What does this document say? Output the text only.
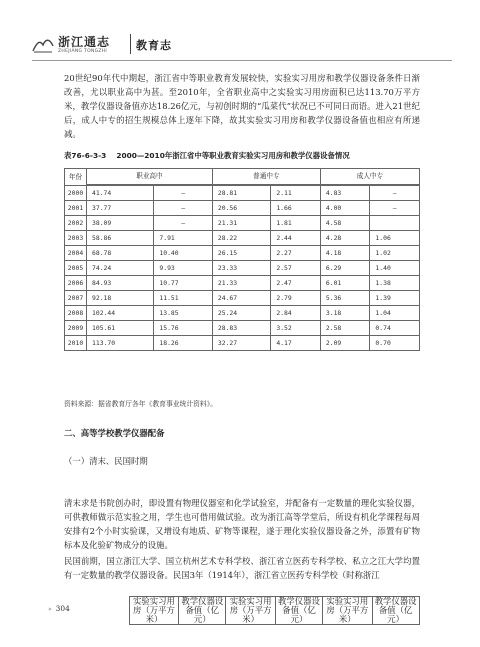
浙江通志
ZHEJIANG TONGZHI	教育志

20世纪90年代中期起，浙江省中等职业教育发展较快，实验实习用房和教学仪器设备条件日渐改善，尤以职业高中为甚。至2010年，全省职业高中之实验实习用房面积已达113.70万平方米，教学仪器设备值亦达18.26亿元，与初创时期的“瓜菜代”状况已不可同日而语。进入21世纪后，成人中专的招生规模总体上逐年下降，故其实验实习用房和教学仪器设备值也相应有所递减。

表76-6-3-3 2000—2010年浙江省中等职业教育实验实习用房和教学仪器设备情况
年份	职业高中	普通中专	成人中专

实验实习用房（万平方米）	教学仪器设备值（亿元）	实验实习用房（万平方米）	教学仪器设备值（亿元）	实验实习用房（万平方米）	教学仪器设备值（亿元）
2000	41.74	—	28.81	2.11	4.83	—
2001	37.77	—	20.56	1.66	4.00	—
2002	38.09	—	21.31	1.81	4.58	
2003	58.86	7.91	28.22	2.44	4.28	1.06
2004	68.78	10.40	26.15	2.27	4.18	1.02
2005	74.24	9.93	23.33	2.57	6.29	1.40
2006	84.93	10.77	21.33	2.47	6.01	1.38
2007	92.18	11.51	24.67	2.79	5.36	1.39
2008	102.44	13.85	25.24	2.84	3.18	1.04
2009	105.61	15.76	28.83	3.52	2.58	0.74
2010	113.70	18.26	32.27	4.17	2.09	0.70
资料来源：据省教育厅各年《教育事业统计资料》。
二、高等学校教学仪器配备
（一）清末、民国时期

清末求是书院创办时，即设置有物理仪器室和化学试验室，并配备有一定数量的理化实验仪器，可供教师做示范实验之用，学生也可借用做试验。改为浙江高等学堂后，所设有机化学课程每周安排有2个小时实验课，又增设有地质、矿物等课程，遂于理化实验仪器设备之外，添置有矿物标本及化验矿物成分的设施。

民国前期，国立浙江大学、国立杭州艺术专科学校、浙江省立医药专科学校、私立之江大学均置有一定数量的教学仪器设备。民国3年（1914年），浙江省立医药专科学校（时称浙江

» 304
